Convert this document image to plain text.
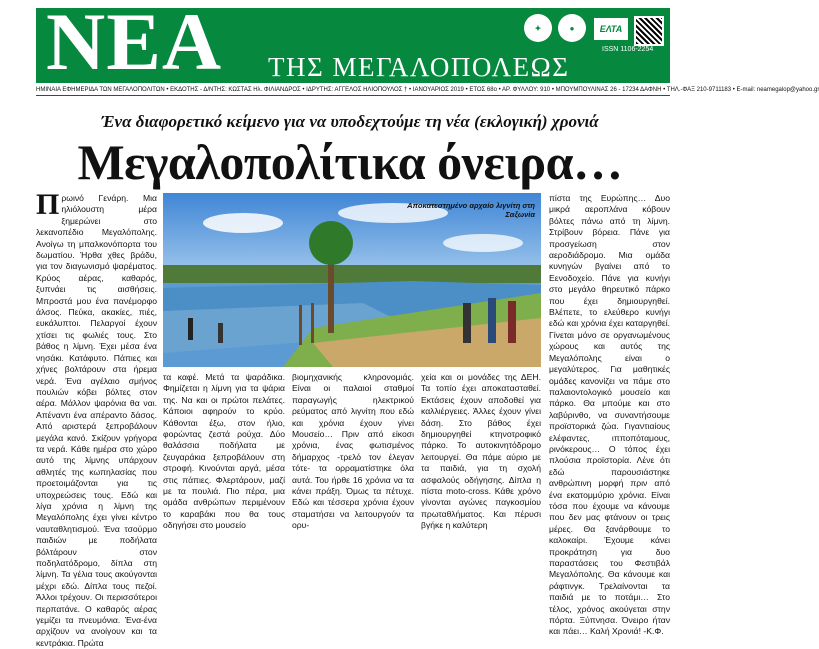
ΝΕΑ ΤΗΣ ΜΕΓΑΛΟΠΟΛΕΩΣ
✦	●	ΕΛΤΑ
ISSN 1106-2254
ΗΜΙΝΑΙΑ ΕΦΗΜΕΡΙΔΑ ΤΩΝ ΜΕΓΑΛΟΠΟΛΙΤΩΝ • ΕΚΔΟΤΗΣ - Δ/ΝΤΗΣ: ΚΩΣΤΑΣ Ηλ. ΦΙΛΙΑΝΔΡΟΣ • ΙΔΡΥΤΗΣ: ΑΓΓΕΛΟΣ ΗΛΙΟΠΟΥΛΟΣ † • ΙΑΝΟΥΑΡΙΟΣ 2019 • ΕΤΟΣ 68ο • ΑΡ. ΦΥΛΛΟΥ: 910 • ΜΠΟΥΜΠΟΥΛΙΝΑΣ 26 - 17234 ΔΑΦΝΗ • ΤΗΛ.-ΦΑΞ 210-9711183 • E-mail: neamegalop@yahoo.gr
Ένα διαφορετικό κείμενο για να υποδεχτούμε τη νέα (εκλογική) χρονιά
Μεγαλοπολίτικα όνειρα…
Πρωινό Γενάρη. Μια ηλιόλουστη μέρα ξημερώνει στο λεκανοπέδιο Μεγαλόπολης. Ανοίγω τη μπαλκονόπορτα του δωματίου. Ήρθα χθες βράδυ, για τον διαγωνισμό ψαρέματος. Κρύος αέρας, καθαρός, ξυπνάει τις αισθήσεις. Μπροστά μου ένα πανέμορφο άλσος. Πεύκα, ακακίες, πιές, ευκάλυπτοι. Πελαργοί έχουν χτίσει τις φωλιές τους. Στο βάθος η λίμνη. Έχει μέσα ένα νησάκι. Κατάφυτο. Πάπιες και χήνες βολτάρουν στα ήρεμα νερά. Ένα αγέλαιο σμήνος πουλιών κόβει βόλτες στον αέρα. Μάλλον ψαρόνια θα ναι. Απέναντι ένα απέραντο δάσος. Από αριστερά ξεπροβάλουν μεγάλα κανό. Σκίζουν γρήγορα τα νερά. Κάθε ημέρα στο χώρο αυτό της λίμνης υπάρχουν αθλητές της κωπηλασίας που προετοιμάζονται για τις υποχρεώσεις τους. Εδώ και λίγα χρόνια η λίμνη της Μεγαλόπολης έχει γίνει κέντρο ναυταθλητισμού. Ένα τσούρμο παιδιών με ποδήλατα βόλτάρουν στον ποδηλατόδρομο, δίπλα στη λίμνη. Τα γέλια τους ακούγονται μέχρι εδώ. Δίπλα τους πεζοί. Άλλοι τρέχουν. Οι περισσότεροι περπατάνε. Ο καθαρός αέρας γεμίζει τα πνευμόνια. Ένα-ένα αρχίζουν να ανοίγουν και τα κεντράκια. Πρώτα
Αποκατεστημένο αρχαίο λιγνίτη στη Σαξωνία
τα καφέ. Μετά τα ψαράδικα. Φημίζεται η λίμνη για τα ψάρια της. Να και οι πρώτοι πελάτες. Κάποιοι αφηρούν το κρύο. Κάθονται έξω, στον ήλιο, φορώντας ζεστά ρούχα. Δύο θαλάσσια ποδήλατα με ζευγαράκια ξεπροβάλουν στη στροφή. Κινούνται αργά, μέσα στις πάπιες. Φλερτάρουν, μαζί με τα πουλιά. Πιο πέρα, μια ομάδα ανθρώπων περιμένουν το καραβάκι που θα τους οδηγήσει στο μουσείο
βιομηχανικής κληρονομιάς. Είναι οι παλαιοί σταθμοί παραγωγής ηλεκτρικού ρεύματος από λιγνίτη που εδώ και χρόνια έχουν γίνει Μουσείο… Πριν από είκοσι χρόνια, ένας φωτισμένος δήμαρχος -τρελό τον έλεγαν τότε- τα ορραματίστηκε όλα αυτά. Του ήρθε 16 χρόνια να τα κάνει πράξη. Όμως τα πέτυχε. Εδώ και τέσσερα χρόνια έχουν σταματήσει να λειτουργούν τα ορυ-
χεία και οι μονάδες της ΔΕΗ. Τα τοπίο έχει αποκατασταθεί. Εκτάσεις έχουν αποδοθεί για καλλιέργειες. Άλλες έχουν γίνει δάση. Στο βάθος έχει δημιουργηθεί κτηνοτροφικό πάρκο. Το αυτοκινητόδρομο λειτουργεί. Θα πάμε αύριο με τα παιδιά, για τη σχολή ασφαλούς οδήγησης. Δίπλα η πίστα moto-cross. Κάθε χρόνο γίνονται αγώνες παγκοσμίου πρωταθλήματος. Και πέρυσι βγήκε η καλύτερη
πίστα της Ευρώπης… Δυο μικρά αεροπλάνα κόβουν βόλτες πάνω από τη λίμνη. Στρίβουν βόρεια. Πάνε για προσγείωση στον αεροδιάδρομο. Μια ομάδα κυνηγών βγαίνει από το Εενοδοχείο. Πάνε για κυνήγι στο μεγάλο θηρευτικό πάρκο που έχει δημιουργηθεί. Βλέπετε, το ελεύθερο κυνήγι εδώ και χρόνια έχει καταργηθεί. Γίνεται μόνο σε οργανωμένους χώρους και αυτός της Μεγαλόπολης είναι ο μεγαλύτερος. Για μαθητικές ομάδες κανονίζει να πάμε στο παλαιοντολογικό μουσείο και πάρκο. Θα μπούμε και στο λαβύρινθο, να συναντήσουμε προϊστορικά ζώα. Γιγαντιαίους ελέφαντες, ιπποπόταμους, ρινόκερους… Ο τόπος έχει πλούσια προϊστορία. Λένε ότι εδώ παρουσιάστηκε ανθρώπινη μορφή πριν από ένα εκατομμύριο χρόνια. Είναι τόσα που έχουμε να κάνουμε που δεν μας φτάνουν οι τρεις μέρες. Θα ξανάρθουμε το καλοκαίρι. Έχουμε κάνει προκράτηση για δυο παραστάσεις του Φεστιβάλ Μεγαλόπολης. Θα κάνουμε και ράφτινγκ. Τρελαίνονται τα παιδιά με το ποτάμι… Στο τέλος, χρόνος ακούγεται στην πόρτα. Ξύπνησα. Όνειρο ήταν και πάει… Καλή Χρονιά! -Κ.Φ.
